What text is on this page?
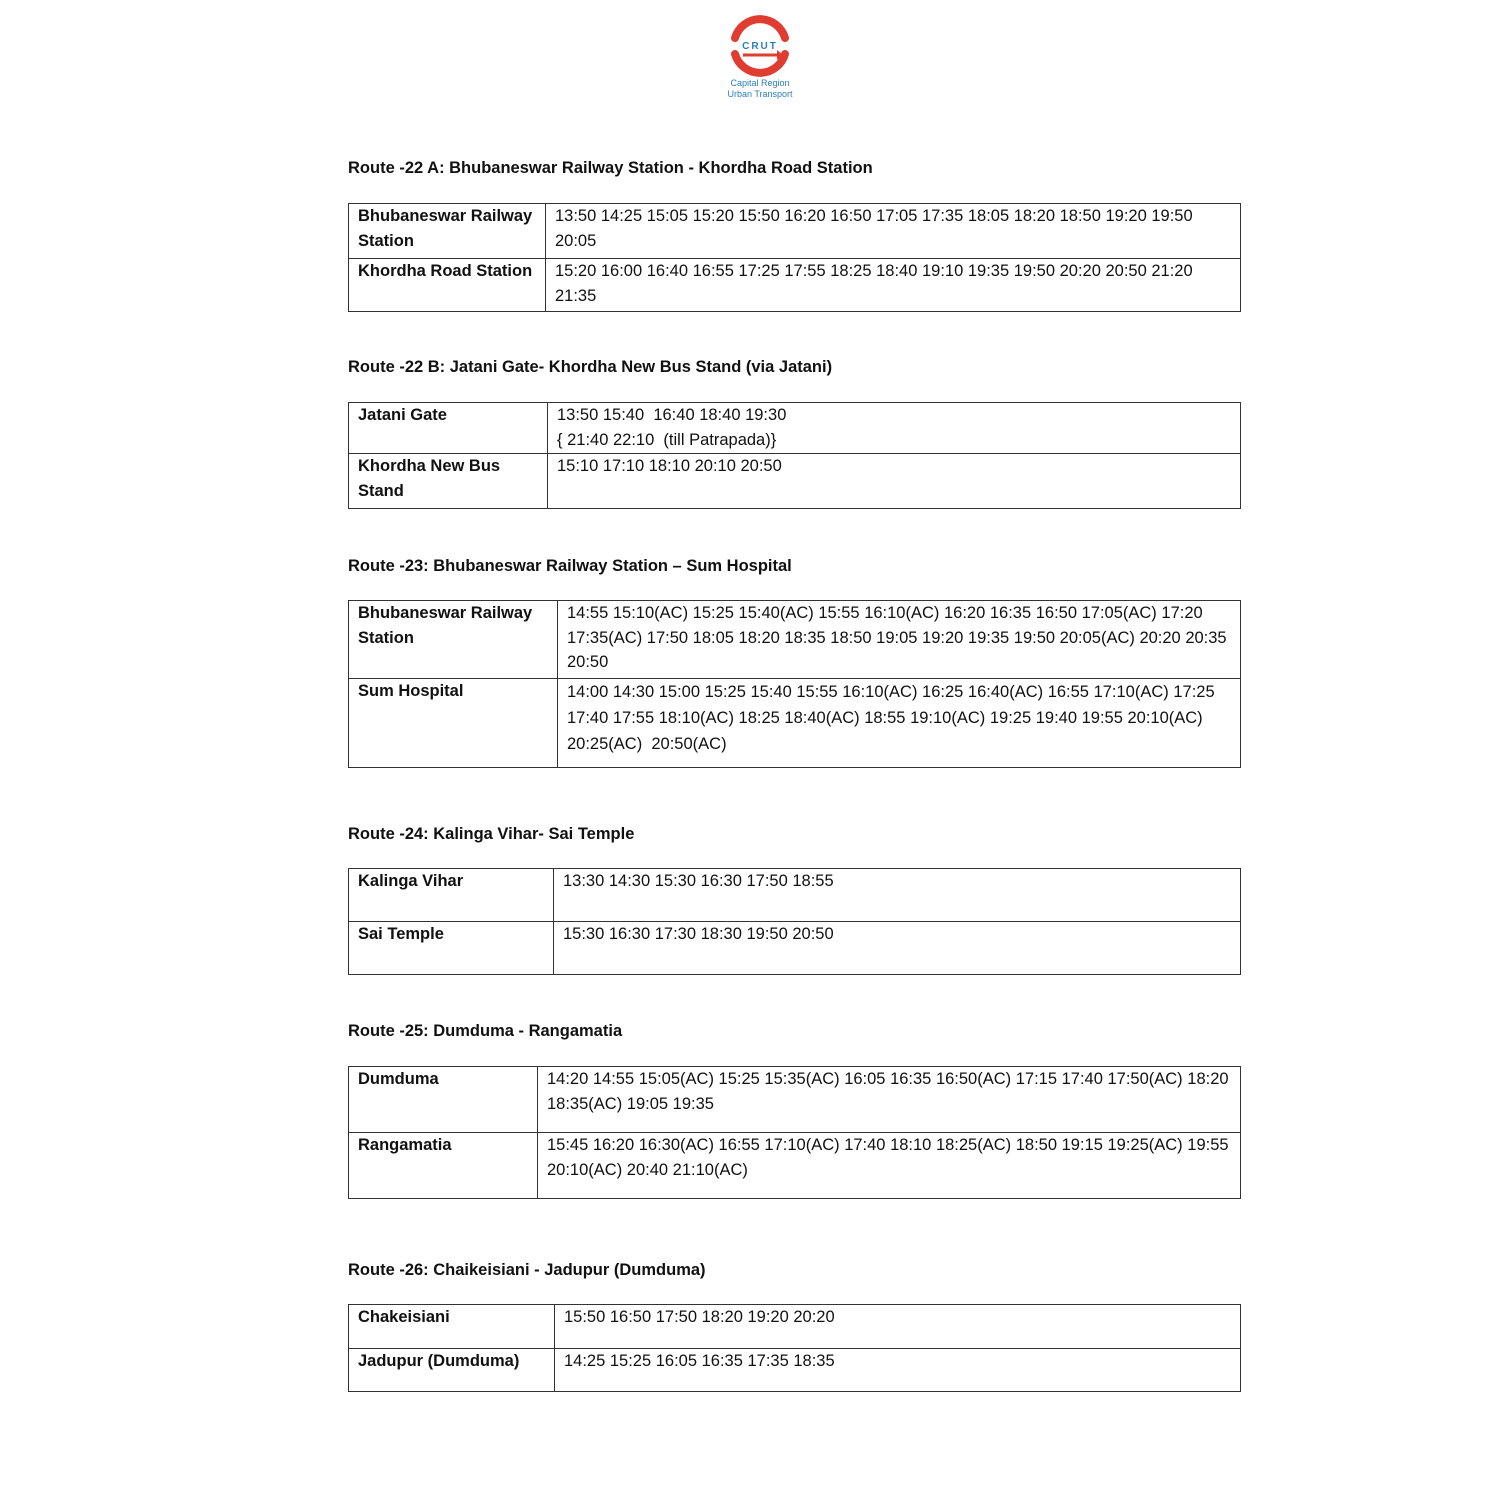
CRUT
Capital Region
Urban Transport
Route -22 A: Bhubaneswar Railway Station - Khordha Road Station
Bhubaneswar Railway Station	13:50 14:25 15:05 15:20 15:50 16:20 16:50 17:05 17:35 18:05 18:20 18:50 19:20 19:50 20:05
Khordha Road Station	15:20 16:00 16:40 16:55 17:25 17:55 18:25 18:40 19:10 19:35 19:50 20:20 20:50 21:20 21:35
Route -22 B: Jatani Gate- Khordha New Bus Stand (via Jatani)
Jatani Gate	13:50 15:40  16:40 18:40 19:30
{ 21:40 22:10  (till Patrapada)}
Khordha New Bus Stand	15:10 17:10 18:10 20:10 20:50
Route -23: Bhubaneswar Railway Station – Sum Hospital
Bhubaneswar Railway Station	14:55 15:10(AC) 15:25 15:40(AC) 15:55 16:10(AC) 16:20 16:35 16:50 17:05(AC) 17:20 17:35(AC) 17:50 18:05 18:20 18:35 18:50 19:05 19:20 19:35 19:50 20:05(AC) 20:20 20:35 20:50
Sum Hospital	14:00 14:30 15:00 15:25 15:40 15:55 16:10(AC) 16:25 16:40(AC) 16:55 17:10(AC) 17:25 17:40 17:55 18:10(AC) 18:25 18:40(AC) 18:55 19:10(AC) 19:25 19:40 19:55 20:10(AC) 20:25(AC)  20:50(AC)
Route -24: Kalinga Vihar- Sai Temple
Kalinga Vihar	13:30 14:30 15:30 16:30 17:50 18:55
Sai Temple	15:30 16:30 17:30 18:30 19:50 20:50
Route -25: Dumduma - Rangamatia
Dumduma	14:20 14:55 15:05(AC) 15:25 15:35(AC) 16:05 16:35 16:50(AC) 17:15 17:40 17:50(AC) 18:20 18:35(AC) 19:05 19:35
Rangamatia	15:45 16:20 16:30(AC) 16:55 17:10(AC) 17:40 18:10 18:25(AC) 18:50 19:15 19:25(AC) 19:55 20:10(AC) 20:40 21:10(AC)
Route -26: Chaikeisiani - Jadupur (Dumduma)
Chakeisiani	15:50 16:50 17:50 18:20 19:20 20:20
Jadupur (Dumduma)	14:25 15:25 16:05 16:35 17:35 18:35
